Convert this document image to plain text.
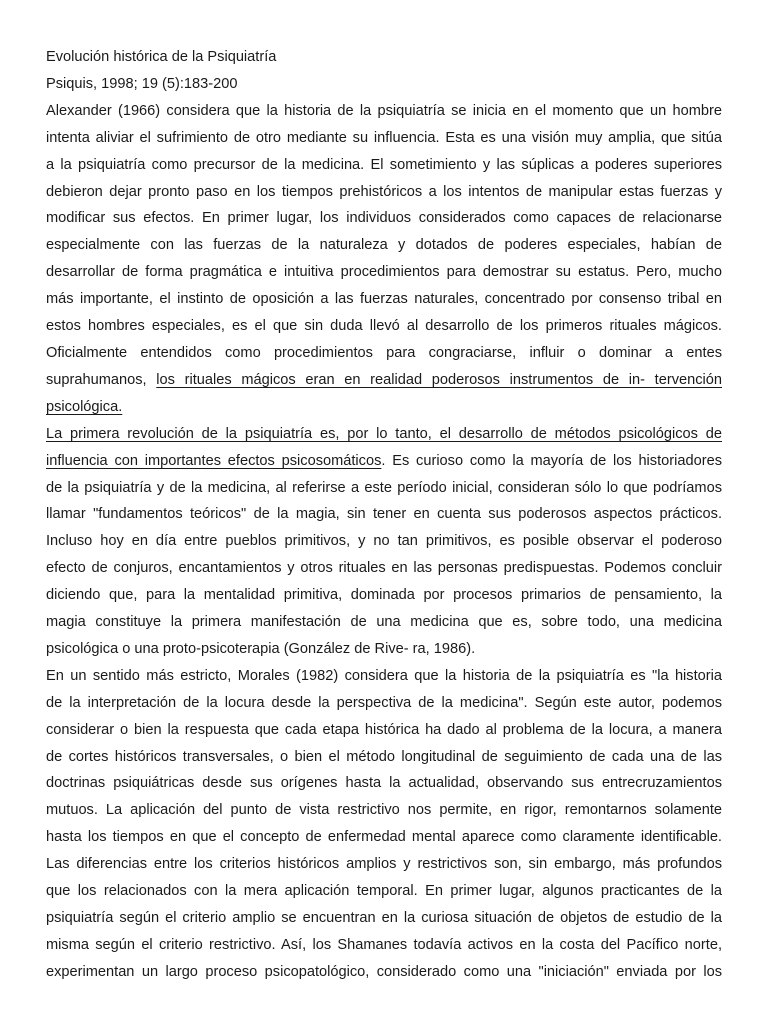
Evolución histórica de la Psiquiatría
Psiquis, 1998; 19 (5):183-200
Alexander (1966) considera que la historia de la psiquiatría se inicia en el momento que un hombre
intenta aliviar el sufrimiento de otro mediante su influencia. Esta es una visión muy amplia, que sitúa
a la psiquiatría como precursor de la medicina. El sometimiento y las súplicas a poderes superiores
debieron dejar pronto paso en los tiempos prehistóricos a los intentos de manipular estas fuerzas y
modificar sus efectos. En primer lugar, los individuos considerados como capaces de relacionarse
especialmente con las fuerzas de la naturaleza y dotados de poderes especiales, habían de
desarrollar de forma pragmática e intuitiva procedimientos para demostrar su estatus. Pero, mucho
más importante, el instinto de oposición a las fuerzas naturales, concentrado por consenso tribal en
estos hombres especiales, es el que sin duda llevó al desarrollo de los primeros rituales mágicos.
Oficialmente entendidos como procedimientos para congraciarse, influir o dominar a entes
suprahumanos, los rituales mágicos eran en realidad poderosos instrumentos de in- tervención
psicológica.
La primera revolución de la psiquiatría es, por lo tanto, el desarrollo de métodos psicológicos de
influencia con importantes efectos psicosomáticos. Es curioso como la mayoría de los historiadores
de la psiquiatría y de la medicina, al referirse a este período inicial, consideran sólo lo que podríamos
llamar "fundamentos teóricos" de la magia, sin tener en cuenta sus poderosos aspectos prácticos.
Incluso hoy en día entre pueblos primitivos, y no tan primitivos, es posible observar el poderoso
efecto de conjuros, encantamientos y otros rituales en las personas predispuestas. Podemos concluir
diciendo que, para la mentalidad primitiva, dominada por procesos primarios de pensamiento, la
magia constituye la primera manifestación de una medicina que es, sobre todo, una medicina
psicológica o una proto-psicoterapia (González de Rive- ra, 1986).
En un sentido más estricto, Morales (1982) considera que la historia de la psiquiatría es "la historia
de la interpretación de la locura desde la perspectiva de la medicina". Según este autor, podemos
considerar o bien la respuesta que cada etapa histórica ha dado al problema de la locura, a manera
de cortes históricos transversales, o bien el método longitudinal de seguimiento de cada una de las
doctrinas psiquiátricas desde sus orígenes hasta la actualidad, observando sus entrecruzamientos
mutuos. La aplicación del punto de vista restrictivo nos permite, en rigor, remontarnos solamente
hasta los tiempos en que el concepto de enfermedad mental aparece como claramente identificable.
Las diferencias entre los criterios históricos amplios y restrictivos son, sin embargo, más profundos
que los relacionados con la mera aplicación temporal. En primer lugar, algunos practicantes de la
psiquiatría según el criterio amplio se encuentran en la curiosa situación de objetos de estudio de la
misma según el criterio restrictivo. Así, los Shamanes todavía activos en la costa del Pacífico norte,
experimentan un largo proceso psicopatológico, considerado como una "iniciación" enviada por los
